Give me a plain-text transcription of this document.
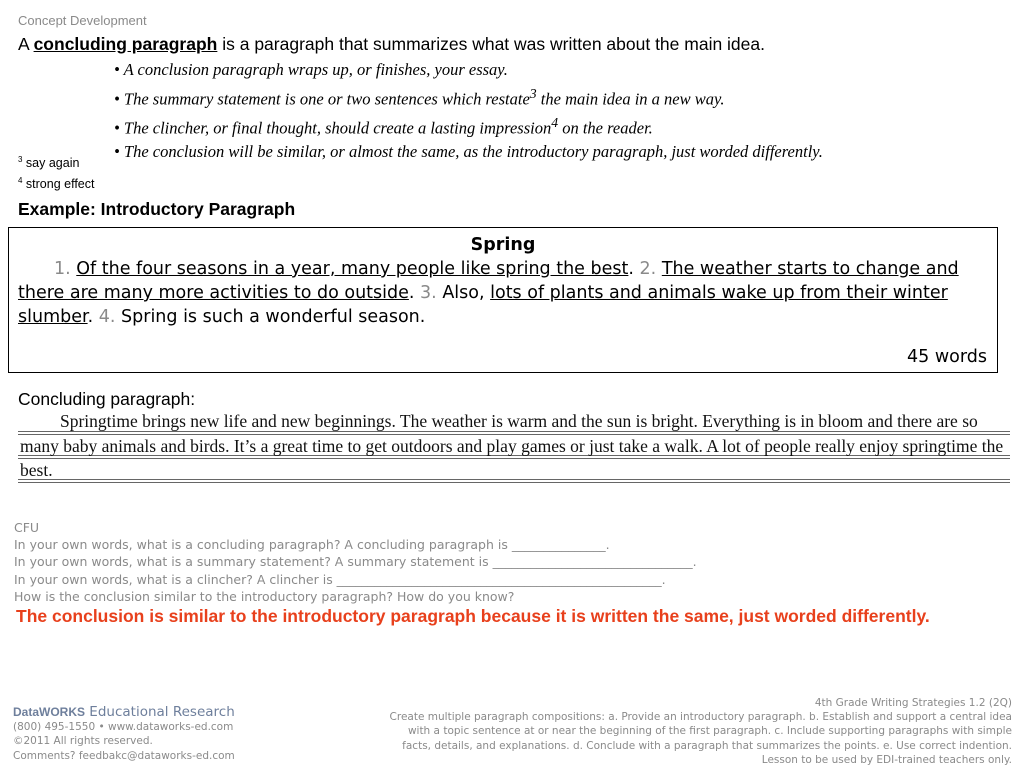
Concept Development
A concluding paragraph is a paragraph that summarizes what was written about the main idea.
• A conclusion paragraph wraps up, or finishes, your essay.
• The summary statement is one or two sentences which restate$^3$ the main idea in a new way.
• The clincher, or final thought, should create a lasting impression$^4$ on the reader.
• The conclusion will be similar, or almost the same, as the introductory paragraph, just worded differently.
$^3$ say again
$^4$ strong effect
Example: Introductory Paragraph
Spring
1. Of the four seasons in a year, many people like spring the best. 2. The weather starts to change and there are many more activities to do outside. 3. Also, lots of plants and animals wake up from their winter slumber. 4. Spring is such a wonderful season.
45 words
Concluding paragraph:
Springtime brings new life and new beginnings. The weather is warm and the sun is bright. Everything is in bloom and there are so many baby animals and birds. It’s a great time to get outdoors and play games or just take a walk. A lot of people really enjoy springtime the best.
CFU
In your own words, what is a concluding paragraph? A concluding paragraph is _______________.
In your own words, what is a summary statement? A summary statement is ________________________________.
In your own words, what is a clincher? A clincher is ____________________________________________________.
How is the conclusion similar to the introductory paragraph? How do you know?
The conclusion is similar to the introductory paragraph because it is written the same, just worded differently.
DataWORKS Educational Research
(800) 495-1550 • www.dataworks-ed.com
©2011 All rights reserved.
Comments? feedbakc@dataworks-ed.com
4th Grade Writing Strategies 1.2 (2Q)
Create multiple paragraph compositions: a. Provide an introductory paragraph. b. Establish and support a central idea
with a topic sentence at or near the beginning of the first paragraph. c. Include supporting paragraphs with simple
facts, details, and explanations. d. Conclude with a paragraph that summarizes the points. e. Use correct indention.
Lesson to be used by EDI-trained teachers only.
